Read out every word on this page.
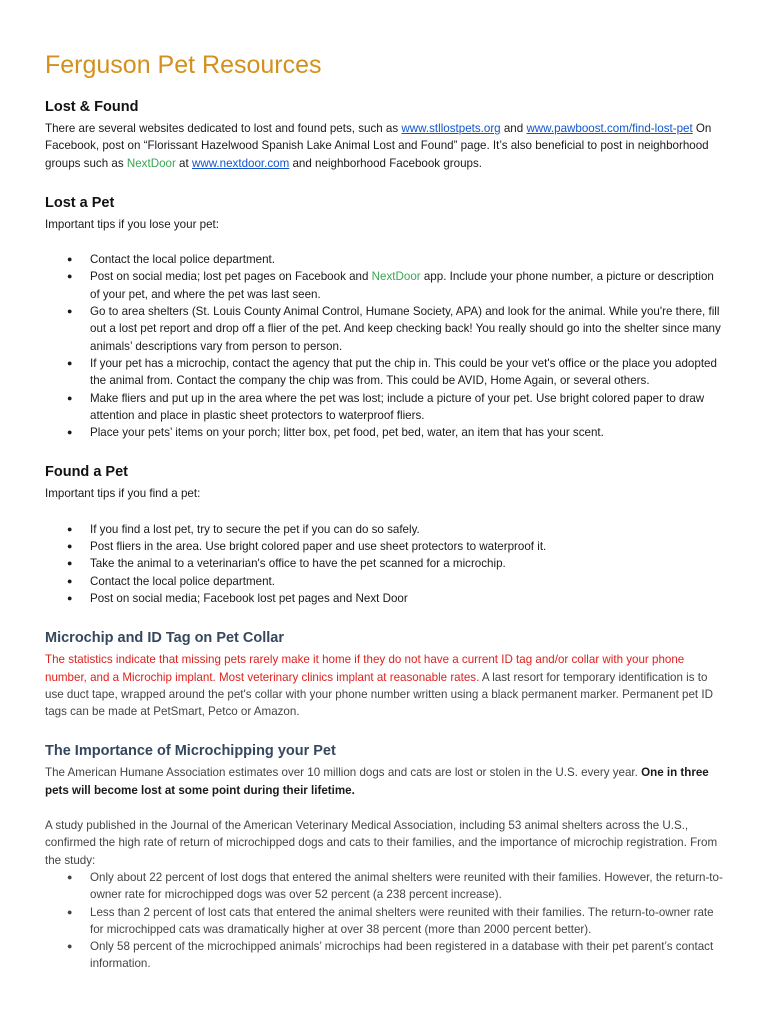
Ferguson Pet Resources
Lost & Found

There are several websites dedicated to lost and found pets, such as www.stllostpets.org and www.pawboost.com/find-lost-pet On Facebook, post on “Florissant Hazelwood Spanish Lake Animal Lost and Found” page. It’s also beneficial to post in neighborhood groups such as NextDoor at www.nextdoor.com and neighborhood Facebook groups.

Lost a Pet

Important tips if you lose your pet:

● Contact the local police department.
● Post on social media; lost pet pages on Facebook and NextDoor app. Include your phone number, a picture or description of your pet, and where the pet was last seen.
● Go to area shelters (St. Louis County Animal Control, Humane Society, APA) and look for the animal. While you're there, fill out a lost pet report and drop off a flier of the pet. And keep checking back! You really should go into the shelter since many animals’ descriptions vary from person to person.
● If your pet has a microchip, contact the agency that put the chip in. This could be your vet's office or the place you adopted the animal from. Contact the company the chip was from. This could be AVID, Home Again, or several others.
● Make fliers and put up in the area where the pet was lost; include a picture of your pet. Use bright colored paper to draw attention and place in plastic sheet protectors to waterproof fliers.
● Place your pets’ items on your porch; litter box, pet food, pet bed, water, an item that has your scent.
Found a Pet

Important tips if you find a pet:

● If you find a lost pet, try to secure the pet if you can do so safely.
● Post fliers in the area. Use bright colored paper and use sheet protectors to waterproof it.
● Take the animal to a veterinarian's office to have the pet scanned for a microchip.
● Contact the local police department.
● Post on social media; Facebook lost pet pages and Next Door
Microchip and ID Tag on Pet Collar

The statistics indicate that missing pets rarely make it home if they do not have a current ID tag and/or collar with your phone number, and a Microchip implant. Most veterinary clinics implant at reasonable rates. A last resort for temporary identification is to use duct tape, wrapped around the pet's collar with your phone number written using a black permanent marker. Permanent pet ID tags can be made at PetSmart, Petco or Amazon.

The Importance of Microchipping your Pet

The American Humane Association estimates over 10 million dogs and cats are lost or stolen in the U.S. every year. One in three pets will become lost at some point during their lifetime.

A study published in the Journal of the American Veterinary Medical Association, including 53 animal shelters across the U.S., confirmed the high rate of return of microchipped dogs and cats to their families, and the importance of microchip registration. From the study:

● Only about 22 percent of lost dogs that entered the animal shelters were reunited with their families. However, the return-to-owner rate for microchipped dogs was over 52 percent (a 238 percent increase).
● Less than 2 percent of lost cats that entered the animal shelters were reunited with their families. The return-to-owner rate for microchipped cats was dramatically higher at over 38 percent (more than 2000 percent better).
● Only 58 percent of the microchipped animals’ microchips had been registered in a database with their pet parent’s contact information.
